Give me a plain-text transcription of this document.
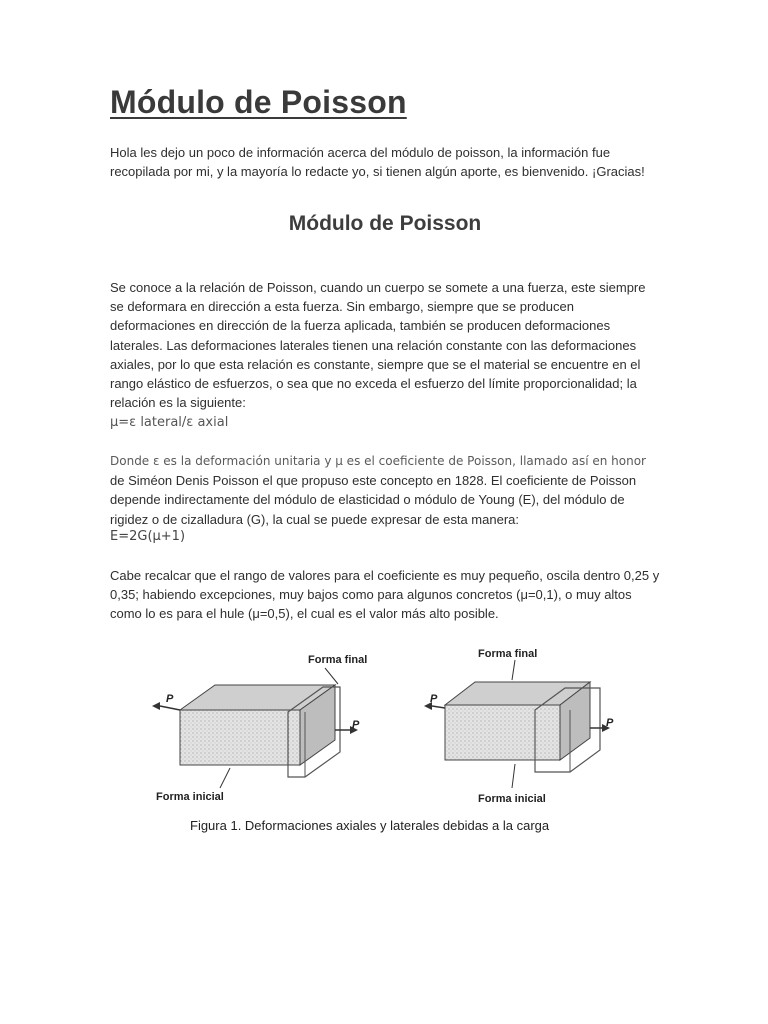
Módulo de Poisson

Hola les dejo un poco de información acerca del módulo de poisson, la información fue recopilada por mi, y la mayoría lo redacte yo, si tienen algún aporte, es bienvenido. ¡Gracias!

Módulo de Poisson

Se conoce a la relación de Poisson, cuando un cuerpo se somete a una fuerza, este siempre se deformara en dirección a esta fuerza. Sin embargo, siempre que se producen deformaciones en dirección de la fuerza aplicada, también se producen deformaciones laterales. Las deformaciones laterales tienen una relación constante con las deformaciones axiales, por lo que esta relación es constante, siempre que se el material se encuentre en el rango elástico de esfuerzos, o sea que no exceda el esfuerzo del límite proporcionalidad; la relación es la siguiente:

μ=ε lateral/ε axial

Donde ε es la deformación unitaria y μ es el coeficiente de Poisson, llamado así en honor de Siméon Denis Poisson el que propuso este concepto en 1828. El coeficiente de Poisson depende indirectamente del módulo de elasticidad o módulo de Young (E), del módulo de rigidez o de cizalladura (G), la cual se puede expresar de esta manera:

E=2G(μ+1)

Cabe recalcar que el rango de valores para el coeficiente es muy pequeño, oscila dentro 0,25 y 0,35; habiendo excepciones, muy bajos como para algunos concretos (μ=0,1), o muy altos como lo es para el hule (μ=0,5), el cual es el valor más alto posible.

Forma final
Forma inicial
P
P
Forma final
Forma inicial
P
P

Figura 1. Deformaciones axiales y laterales debidas a la carga
